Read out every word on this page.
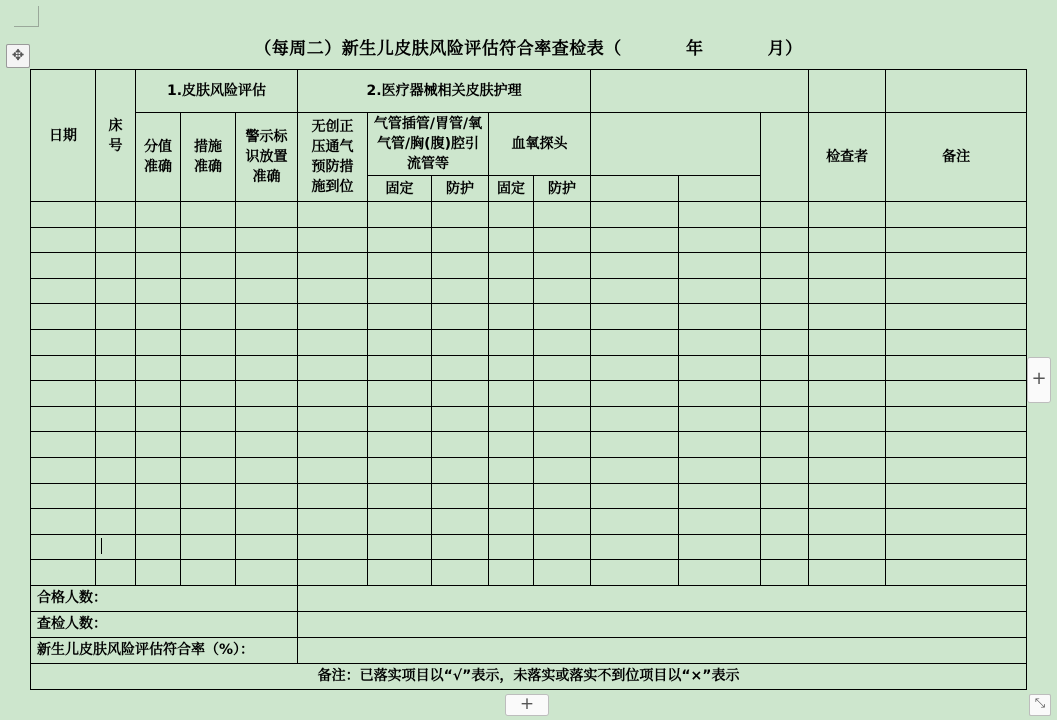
✥	（每周二）新生儿皮肤风险评估符合率查检表（          年          月）
日期	床号	1.皮肤风险评估			2.医疗器械相关皮肤护理									

		分值准确	措施准确	警示标识放置准确	无创正压通气预防措施到位	气管插管/胃管/氧气管/胸(腹)腔引流管等		血氧探头					检查者	备注
						固定	防护	固定	防护					

合格人数：														
查检人数：														
新生儿皮肤风险评估符合率（%）：														
备注：已落实项目以“√”表示，未落实或落实不到位项目以“×”表示														
+
+	⤡
